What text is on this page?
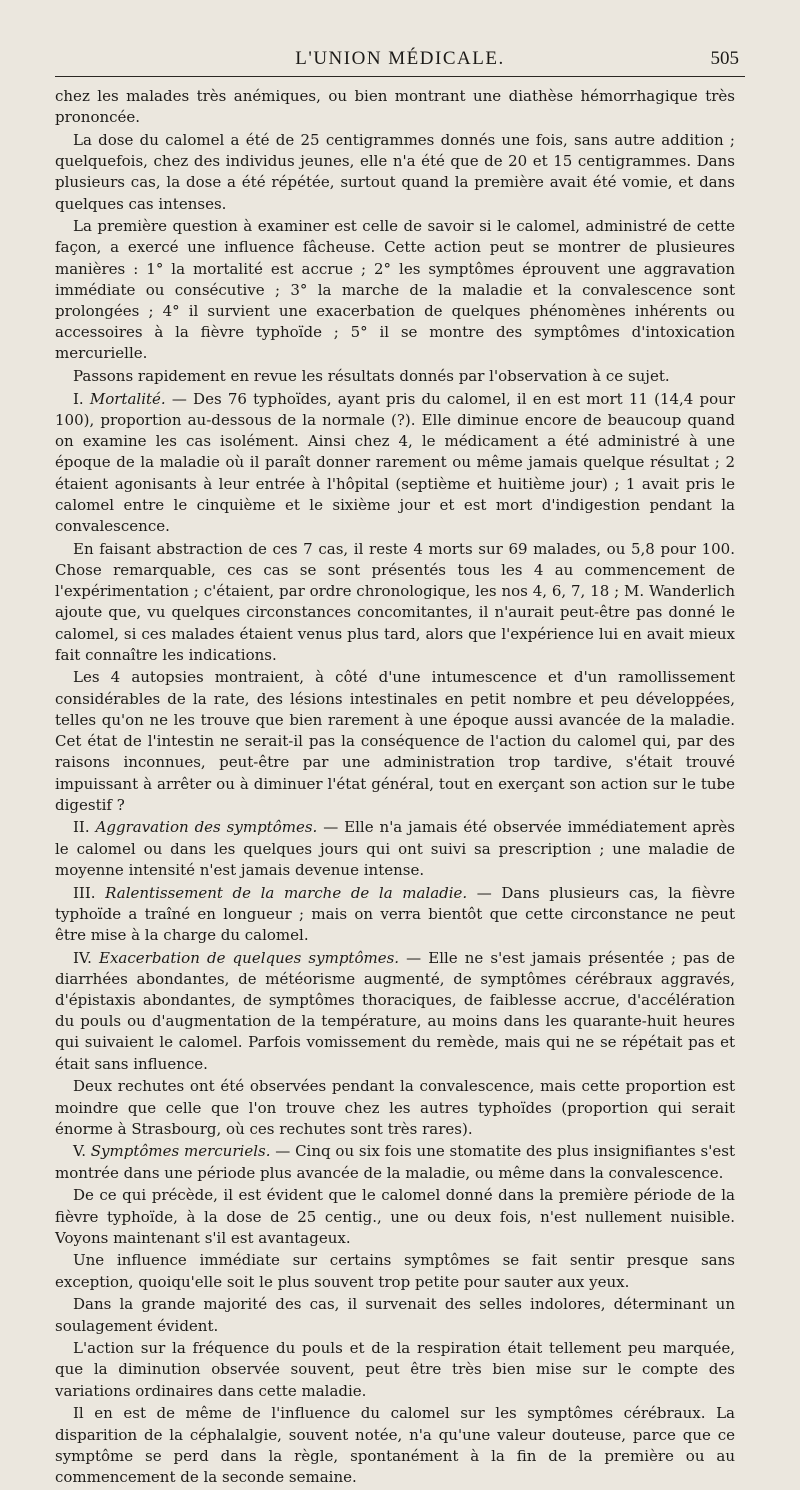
L'UNION MÉDICALE.	505

chez les malades très anémiques, ou bien montrant une diathèse hémorrhagique très prononcée.

La dose du calomel a été de 25 centigrammes donnés une fois, sans autre addition ; quelquefois, chez des individus jeunes, elle n'a été que de 20 et 15 centigrammes. Dans plusieurs cas, la dose a été répétée, surtout quand la première avait été vomie, et dans quelques cas intenses.

La première question à examiner est celle de savoir si le calomel, administré de cette façon, a exercé une influence fâcheuse. Cette action peut se montrer de plusieures manières : 1° la mortalité est accrue ; 2° les symptômes éprouvent une aggravation immédiate ou consécutive ; 3° la marche de la maladie et la convalescence sont prolongées ; 4° il survient une exacerbation de quelques phénomènes inhérents ou accessoires à la fièvre typhoïde ; 5° il se montre des symptômes d'intoxication mercurielle.

Passons rapidement en revue les résultats donnés par l'observation à ce sujet.

I. Mortalité. — Des 76 typhoïdes, ayant pris du calomel, il en est mort 11 (14,4 pour 100), proportion au-dessous de la normale (?). Elle diminue encore de beaucoup quand on examine les cas isolément. Ainsi chez 4, le médicament a été administré à une époque de la maladie où il paraît donner rarement ou même jamais quelque résultat ; 2 étaient agonisants à leur entrée à l'hôpital (septième et huitième jour) ; 1 avait pris le calomel entre le cinquième et le sixième jour et est mort d'indigestion pendant la convalescence.

En faisant abstraction de ces 7 cas, il reste 4 morts sur 69 malades, ou 5,8 pour 100. Chose remarquable, ces cas se sont présentés tous les 4 au commencement de l'expérimentation ; c'étaient, par ordre chronologique, les nos 4, 6, 7, 18 ; M. Wanderlich ajoute que, vu quelques circonstances concomitantes, il n'aurait peut-être pas donné le calomel, si ces malades étaient venus plus tard, alors que l'expérience lui en avait mieux fait connaître les indications.

Les 4 autopsies montraient, à côté d'une intumescence et d'un ramollissement considérables de la rate, des lésions intestinales en petit nombre et peu développées, telles qu'on ne les trouve que bien rarement à une époque aussi avancée de la maladie. Cet état de l'intestin ne serait-il pas la conséquence de l'action du calomel qui, par des raisons inconnues, peut-être par une administration trop tardive, s'était trouvé impuissant à arrêter ou à diminuer l'état général, tout en exerçant son action sur le tube digestif ?

II. Aggravation des symptômes. — Elle n'a jamais été observée immédiatement après le calomel ou dans les quelques jours qui ont suivi sa prescription ; une maladie de moyenne intensité n'est jamais devenue intense.

III. Ralentissement de la marche de la maladie. — Dans plusieurs cas, la fièvre typhoïde a traîné en longueur ; mais on verra bientôt que cette circonstance ne peut être mise à la charge du calomel.

IV. Exacerbation de quelques symptômes. — Elle ne s'est jamais présentée ; pas de diarrhées abondantes, de météorisme augmenté, de symptômes cérébraux aggravés, d'épistaxis abondantes, de symptômes thoraciques, de faiblesse accrue, d'accélération du pouls ou d'augmentation de la température, au moins dans les quarante-huit heures qui suivaient le calomel. Parfois vomissement du remède, mais qui ne se répétait pas et était sans influence.

Deux rechutes ont été observées pendant la convalescence, mais cette proportion est moindre que celle que l'on trouve chez les autres typhoïdes (proportion qui serait énorme à Strasbourg, où ces rechutes sont très rares).

V. Symptômes mercuriels. — Cinq ou six fois une stomatite des plus insignifiantes s'est montrée dans une période plus avancée de la maladie, ou même dans la convalescence.

De ce qui précède, il est évident que le calomel donné dans la première période de la fièvre typhoïde, à la dose de 25 centig., une ou deux fois, n'est nullement nuisible. Voyons maintenant s'il est avantageux.

Une influence immédiate sur certains symptômes se fait sentir presque sans exception, quoiqu'elle soit le plus souvent trop petite pour sauter aux yeux.

Dans la grande majorité des cas, il survenait des selles indolores, déterminant un soulagement évident.

L'action sur la fréquence du pouls et de la respiration était tellement peu marquée, que la diminution observée souvent, peut être très bien mise sur le compte des variations ordinaires dans cette maladie.

Il en est de même de l'influence du calomel sur les symptômes cérébraux. La disparition de la céphalalgie, souvent notée, n'a qu'une valeur douteuse, parce que ce symptôme se perd dans la règle, spontanément à la fin de la première ou au commencement de la seconde semaine.
